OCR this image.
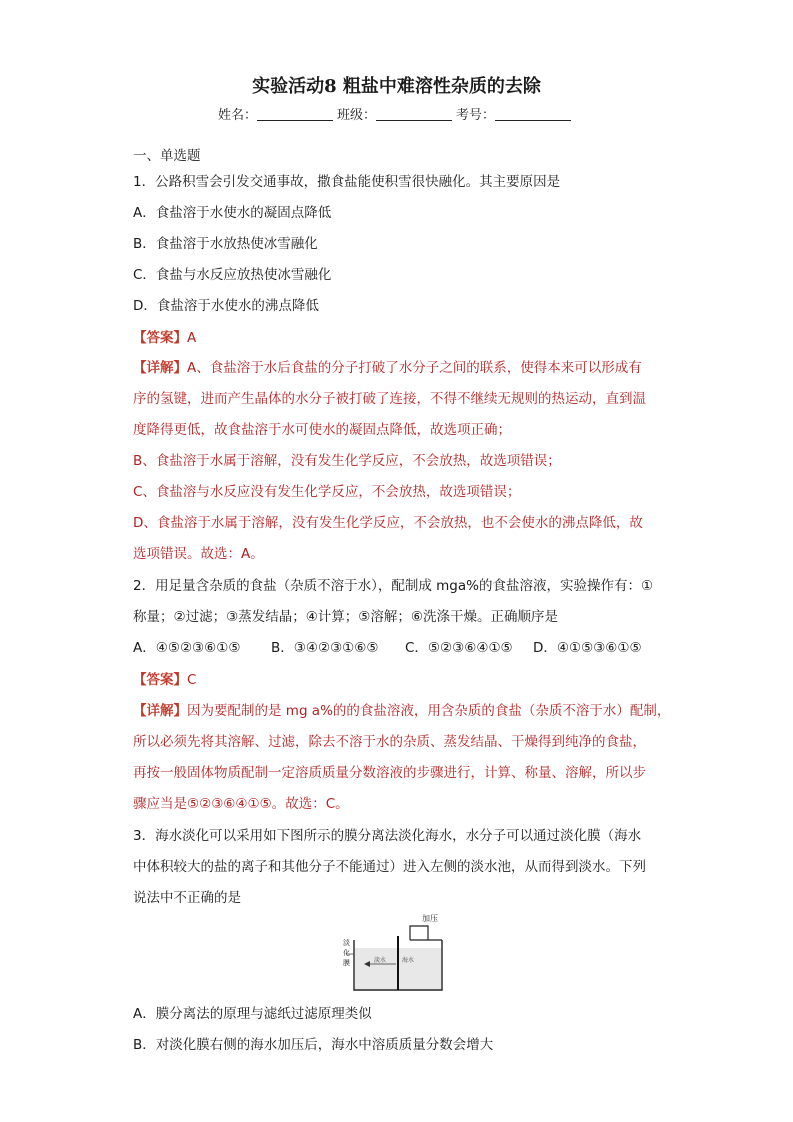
实验活动8 粗盐中难溶性杂质的去除
姓名：	班级：	考号：
一、单选题
1．公路积雪会引发交通事故，撒食盐能使积雪很快融化。其主要原因是
A．食盐溶于水使水的凝固点降低
B．食盐溶于水放热使冰雪融化
C．食盐与水反应放热使冰雪融化
D．食盐溶于水使水的沸点降低
【答案】A
【详解】A、食盐溶于水后食盐的分子打破了水分子之间的联系，使得本来可以形成有
序的氢键，进而产生晶体的水分子被打破了连接，不得不继续无规则的热运动，直到温
度降得更低，故食盐溶于水可使水的凝固点降低，故选项正确；
B、食盐溶于水属于溶解，没有发生化学反应，不会放热，故选项错误；
C、食盐溶与水反应没有发生化学反应，不会放热，故选项错误；
D、食盐溶于水属于溶解，没有发生化学反应，不会放热，也不会使水的沸点降低，故
选项错误。故选：A。
2．用足量含杂质的食盐（杂质不溶于水），配制成 mga%的食盐溶液，实验操作有：①
称量；②过滤；③蒸发结晶；④计算；⑤溶解；⑥洗涤干燥。正确顺序是
A．④⑤②③⑥①⑤ B．③④②③①⑥⑤ C．⑤②③⑥④①⑤ D．④①⑤③⑥①⑤
【答案】C
【详解】因为要配制的是 mg a%的的食盐溶液，用含杂质的食盐（杂质不溶于水）配制，
所以必须先将其溶解、过滤，除去不溶于水的杂质、蒸发结晶、干燥得到纯净的食盐，
再按一般固体物质配制一定溶质质量分数溶液的步骤进行，计算、称量、溶解，所以步
骤应当是⑤②③⑥④①⑤。故选：C。
3．海水淡化可以采用如下图所示的膜分离法淡化海水，水分子可以通过淡化膜（海水
中体积较大的盐的离子和其他分子不能通过）进入左侧的淡水池，从而得到淡水。下列
说法中不正确的是
加压
淡
化
膜	淡水	海水
A．膜分离法的原理与滤纸过滤原理类似
B．对淡化膜右侧的海水加压后，海水中溶质质量分数会增大
